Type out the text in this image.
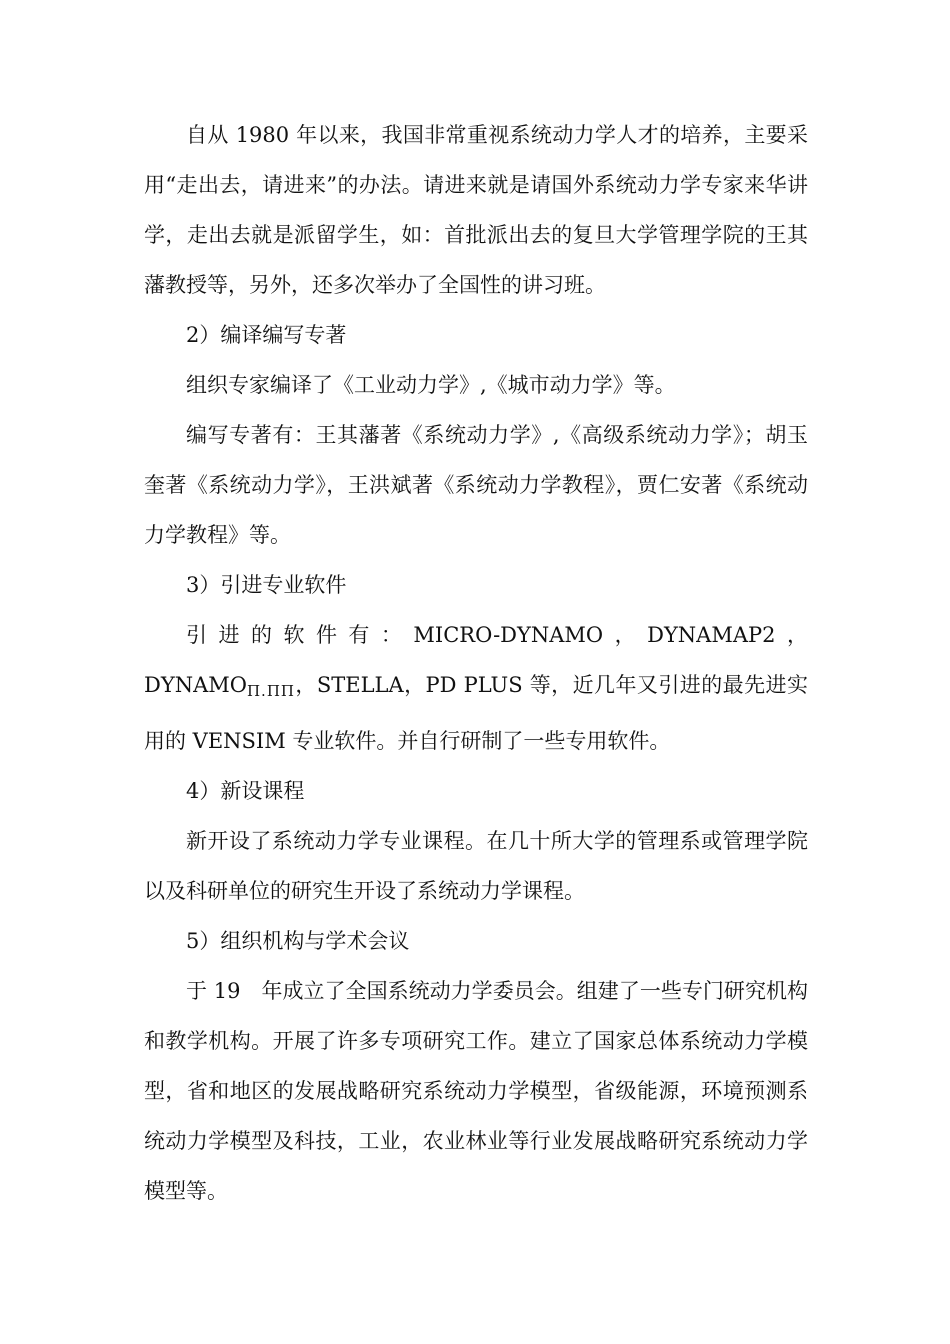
自从 1980 年以来，我国非常重视系统动力学人才的培养，主要采用“走出去，请进来”的办法。请进来就是请国外系统动力学专家来华讲学，走出去就是派留学生，如：首批派出去的复旦大学管理学院的王其藩教授等，另外，还多次举办了全国性的讲习班。

2）编译编写专著

组织专家编译了《工业动力学》,《城市动力学》等。

编写专著有：王其藩著《系统动力学》,《高级系统动力学》；胡玉奎著《系统动力学》，王洪斌著《系统动力学教程》，贾仁安著《系统动力学教程》等。

3）引进专业软件

引进的软件有：MICRO-DYNAMO，DYNAMAP2，$DYNAMO_{\Pi.\Pi\Pi}$，STELLA，PD PLUS 等，近几年又引进的最先进实用的 VENSIM 专业软件。并自行研制了一些专用软件。

4）新设课程

新开设了系统动力学专业课程。在几十所大学的管理系或管理学院以及科研单位的研究生开设了系统动力学课程。

5）组织机构与学术会议

于 19　年成立了全国系统动力学委员会。组建了一些专门研究机构和教学机构。开展了许多专项研究工作。建立了国家总体系统动力学模型，省和地区的发展战略研究系统动力学模型，省级能源，环境预测系统动力学模型及科技，工业，农业林业等行业发展战略研究系统动力学模型等。
